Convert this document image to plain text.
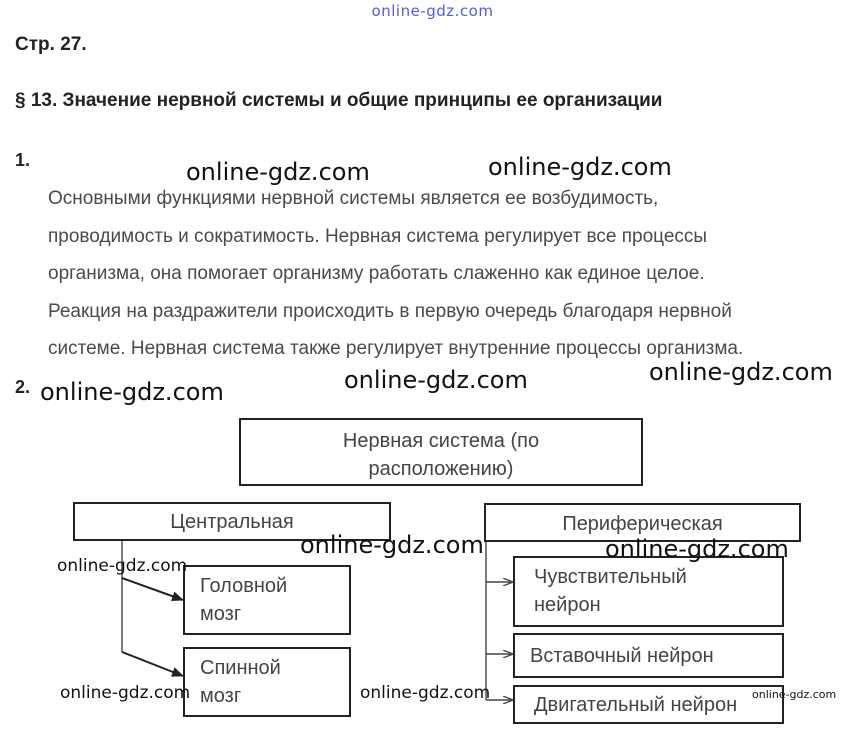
online-gdz.com
Стр. 27.
§ 13. Значение нервной системы и общие принципы ее организации
1.
Основными функциями нервной системы является ее возбудимость,
проводимость и сократимость. Нервная система регулирует все процессы
организма, она помогает организму работать слаженно как единое целое.
Реакция на раздражители происходить в первую очередь благодаря нервной
системе. Нервная система также регулирует внутренние процессы организма.
2.
Нервная система (по
расположению)
Центральная
Головной
мозг
Спинной
мозг
Периферическая
Чувствительный
нейрон
Вставочный нейрон
Двигательный нейрон
online-gdz.com	online-gdz.com
online-gdz.com	online-gdz.com	online-gdz.com
online-gdz.com	online-gdz.com
online-gdz.com
online-gdz.com	online-gdz.com	online-gdz.com
